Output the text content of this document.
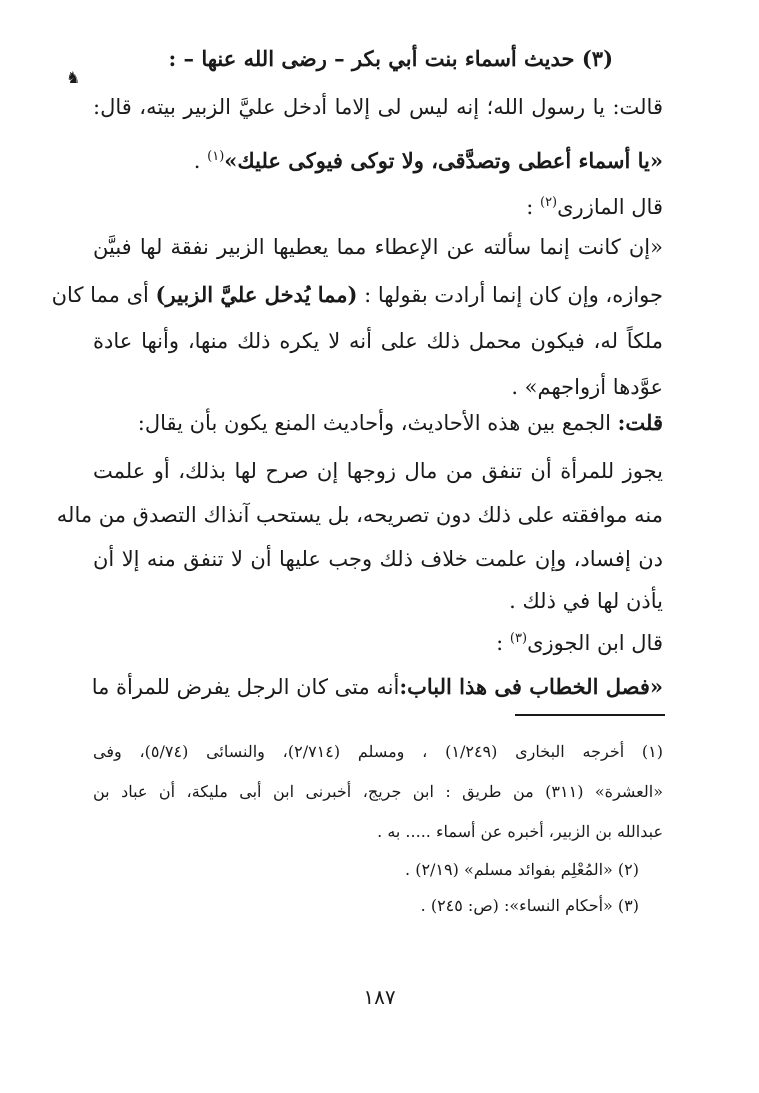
♞
(٣) حديث أسماء بنت أبي بكر – رضى الله عنها – :
قالت: يا رسول الله؛ إنه ليس لى إلاما أدخل عليَّ الزبير بيته، قال:
«يا أسماء أعطى وتصدَّقى، ولا توكى فيوكى عليك»$^{(١)}$ .
قال المازرى$^{(٢)}$ :
«إن كانت إنما سألته عن الإعطاء مما يعطيها الزبير نفقة لها فبيَّن
جوازه، وإن كان إنما أرادت بقولها : (مما يُدخل عليَّ الزبير) أى مما كان
ملكاً له، فيكون محمل ذلك على أنه لا يكره ذلك منها، وأنها عادة
عوَّدها أزواجهم» .
قلت: الجمع بين هذه الأحاديث، وأحاديث المنع يكون بأن يقال:
يجوز للمرأة أن تنفق من مال زوجها إن صرح لها بذلك، أو علمت
منه موافقته على ذلك دون تصريحه، بل يستحب آنذاك التصدق من ماله
دن إفساد، وإن علمت خلاف ذلك وجب عليها أن لا تنفق منه إلا أن
يأذن لها في ذلك .
قال ابن الجوزى$^{(٣)}$ :
«فصل الخطاب فى هذا الباب:أنه متى كان الرجل يفرض للمرأة ما
(١) أخرجه البخارى (١/٢٤٩) ، ومسلم (٢/٧١٤)، والنسائى (٥/٧٤)، وفى
«العشرة» (٣١١) من طريق : ابن جريج، أخبرنى ابن أبى مليكة، أن عباد بن
عبدالله بن الزبير، أخبره عن أسماء ..... به .
(٢) «المُعْلِم بفوائد مسلم» (٢/١٩) .
(٣) «أحكام النساء»: (ص: ٢٤٥) .
١٨٧
